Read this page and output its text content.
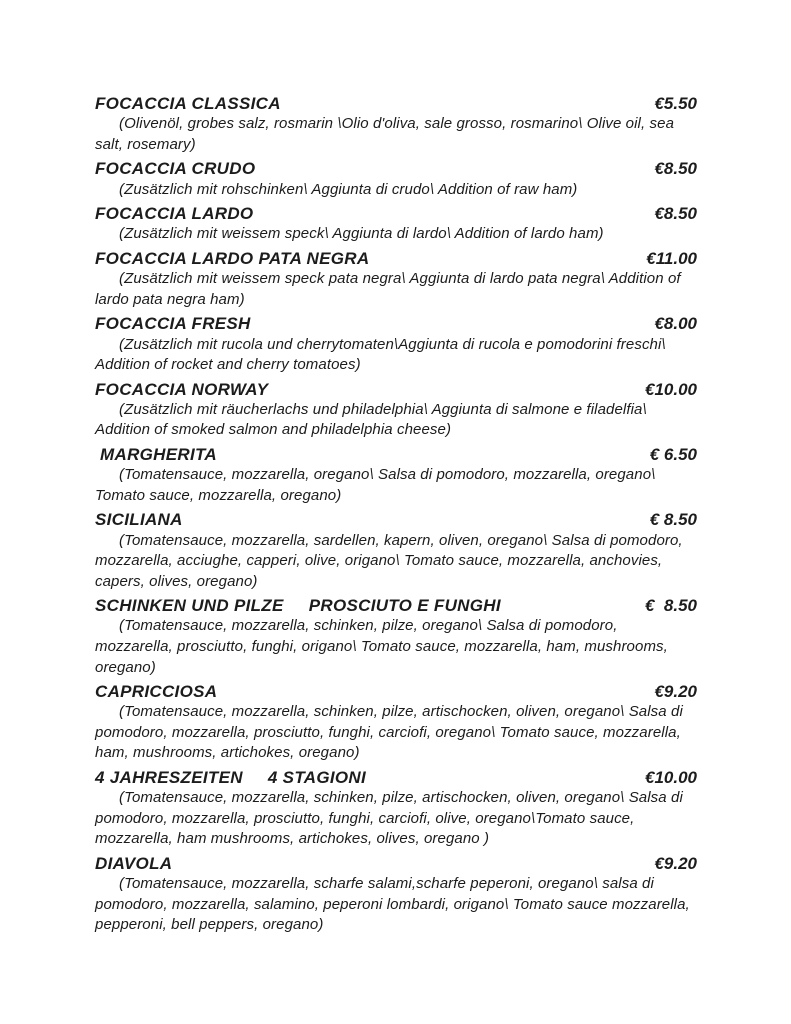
FOCACCIA CLASSICA	€5.50

(Olivenöl, grobes salz, rosmarin \Olio d'oliva, sale grosso, rosmarino\ Olive oil, sea salt, rosemary)

FOCACCIA CRUDO	€8.50

(Zusätzlich mit rohschinken\ Aggiunta di crudo\ Addition of raw ham)

FOCACCIA LARDO	€8.50

(Zusätzlich mit weissem speck\ Aggiunta di lardo\ Addition of lardo ham)

FOCACCIA LARDO PATA NEGRA	€11.00

(Zusätzlich mit weissem speck pata negra\ Aggiunta di lardo pata negra\ Addition of lardo pata negra ham)

FOCACCIA FRESH	€8.00

(Zusätzlich mit rucola und cherrytomaten\Aggiunta di rucola e pomodorini freschi\ Addition of rocket and cherry tomatoes)

FOCACCIA NORWAY	€10.00

(Zusätzlich mit räucherlachs und philadelphia\ Aggiunta di salmone e filadelfia\ Addition of smoked salmon and philadelphia cheese)

MARGHERITA	€ 6.50

(Tomatensauce, mozzarella, oregano\ Salsa di pomodoro, mozzarella, oregano\ Tomato sauce, mozzarella, oregano)

SICILIANA	€ 8.50

(Tomatensauce, mozzarella, sardellen, kapern, oliven, oregano\ Salsa di pomodoro, mozzarella, acciughe, capperi, olive, origano\ Tomato sauce, mozzarella, anchovies, capers, olives, oregano)

SCHINKEN UND PILZE     PROSCIUTO E FUNGHI	€  8.50

(Tomatensauce, mozzarella, schinken, pilze, oregano\ Salsa di pomodoro, mozzarella, prosciutto, funghi, origano\ Tomato sauce, mozzarella, ham, mushrooms, oregano)

CAPRICCIOSA	€9.20

(Tomatensauce, mozzarella, schinken, pilze, artischocken, oliven, oregano\ Salsa di pomodoro, mozzarella, prosciutto, funghi, carciofi, oregano\ Tomato sauce, mozzarella, ham, mushrooms, artichokes, oregano)

4 JAHRESZEITEN     4 STAGIONI	€10.00

(Tomatensauce, mozzarella, schinken, pilze, artischocken, oliven, oregano\ Salsa di pomodoro, mozzarella, prosciutto, funghi, carciofi, olive, oregano\Tomato sauce, mozzarella, ham mushrooms, artichokes, olives, oregano )

DIAVOLA	€9.20

(Tomatensauce, mozzarella, scharfe salami,scharfe peperoni, oregano\ salsa di pomodoro, mozzarella, salamino, peperoni lombardi, origano\ Tomato sauce mozzarella, pepperoni, bell peppers, oregano)
